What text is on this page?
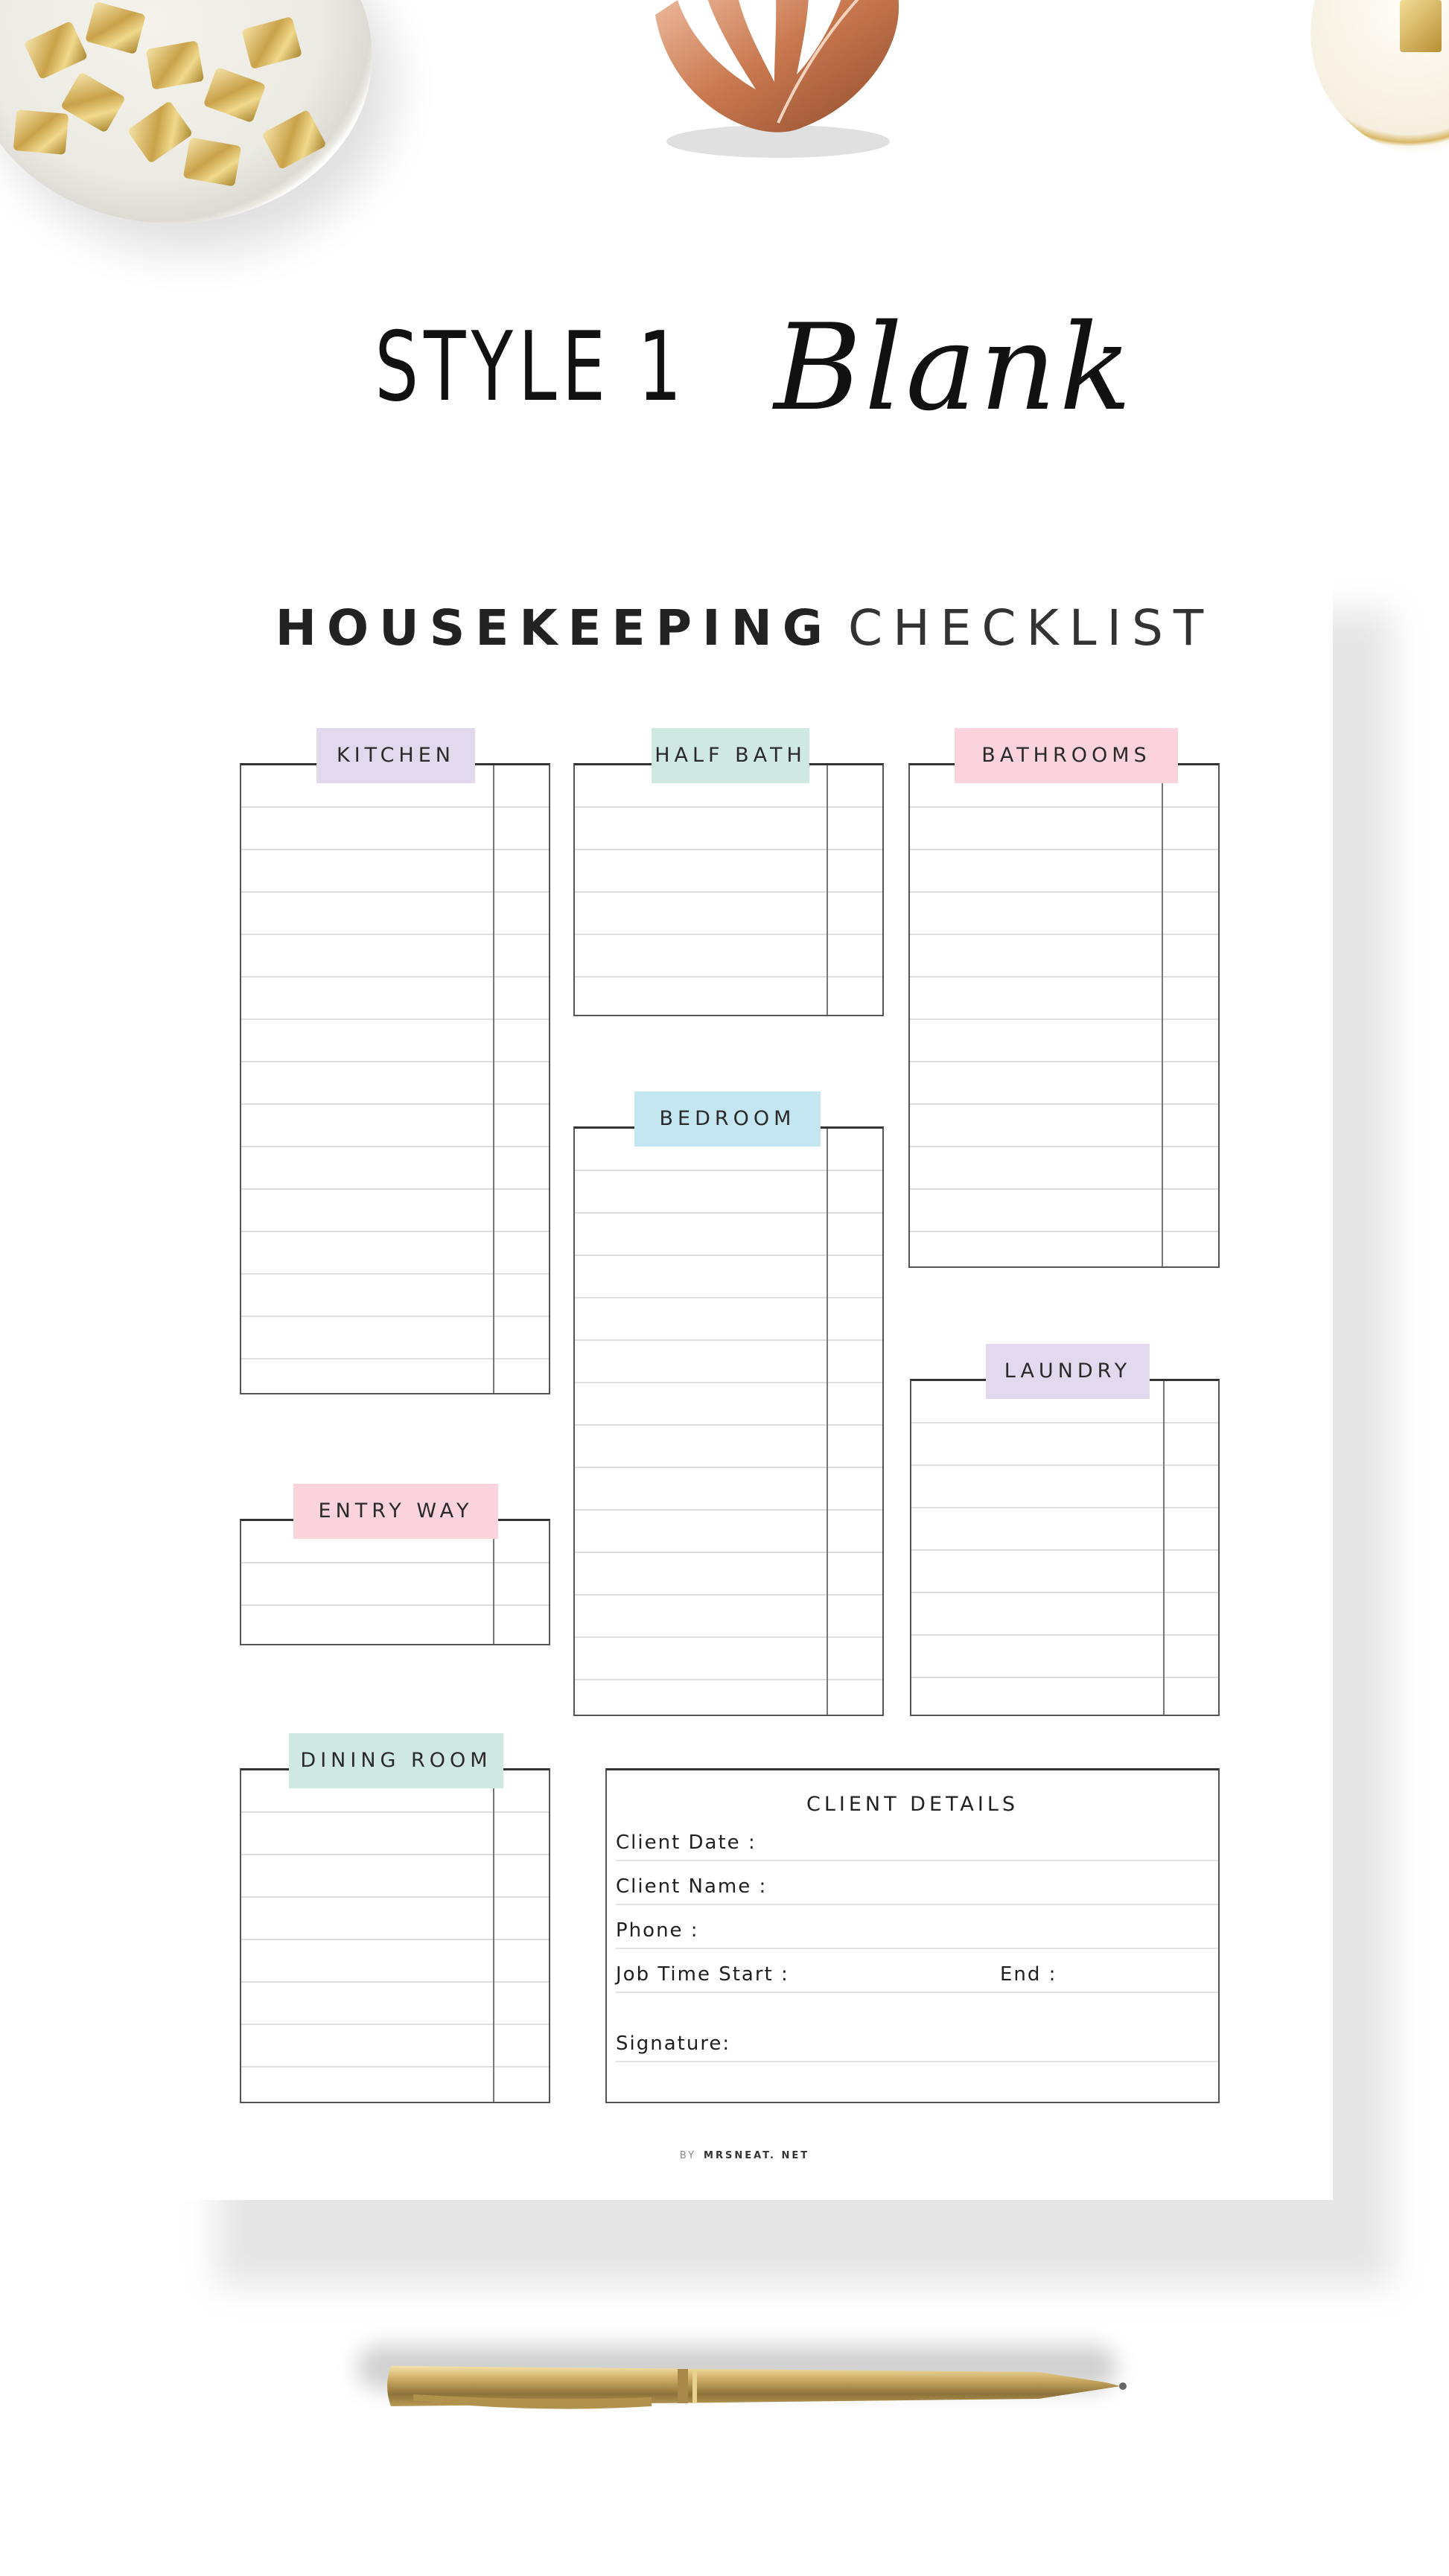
STYLE 1 Blank
HOUSEKEEPING CHECKLIST
KITCHEN	HALF BATH	BATHROOMS
BEDROOM
LAUNDRY
ENTRY WAY
DINING ROOM
CLIENT DETAILS
Client Date :
Client Name :
Phone :
Job Time Start :	End :
Signature:
BY MRSNEAT. NET
